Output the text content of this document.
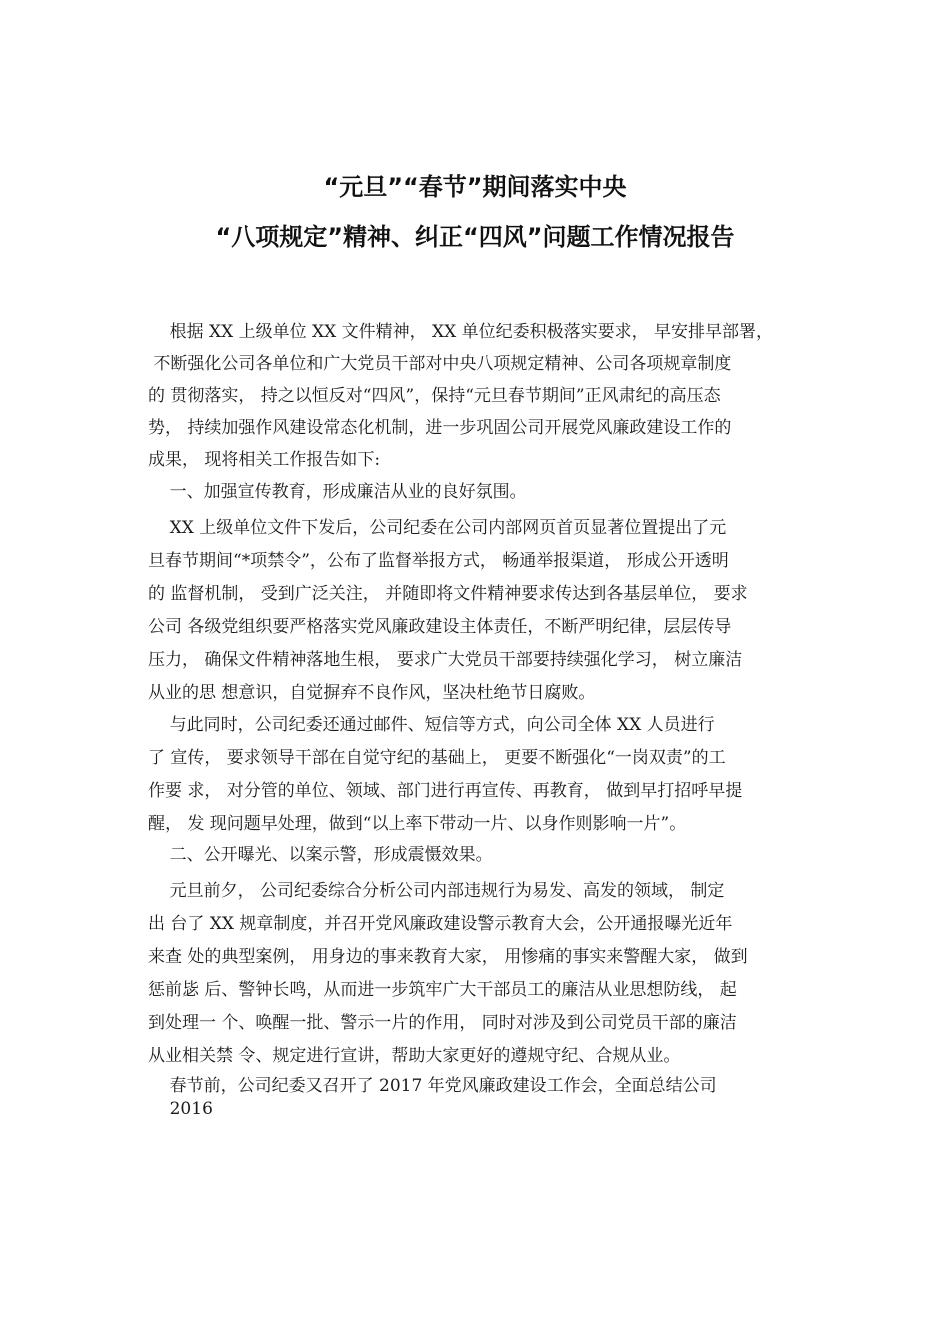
“元旦”“春节”期间落实中央
“八项规定”精神、纠正“四风”问题工作情况报告
根据 XX 上级单位 XX 文件精神， XX 单位纪委积极落实要求， 早安排早部署，
不断强化公司各单位和广大党员干部对中央八项规定精神、公司各项规章制度
的 贯彻落实， 持之以恒反对“四风”，保持“元旦春节期间”正风肃纪的高压态
势， 持续加强作风建设常态化机制，进一步巩固公司开展党风廉政建设工作的
成果， 现将相关工作报告如下:
一、加强宣传教育，形成廉洁从业的良好氛围。
XX 上级单位文件下发后，公司纪委在公司内部网页首页显著位置提出了元
旦春节期间“*项禁令”，公布了监督举报方式， 畅通举报渠道， 形成公开透明
的 监督机制， 受到广泛关注， 并随即将文件精神要求传达到各基层单位， 要求
公司 各级党组织要严格落实党风廉政建设主体责任，不断严明纪律，层层传导
压力， 确保文件精神落地生根， 要求广大党员干部要持续强化学习， 树立廉洁
从业的思 想意识，自觉摒弃不良作风，坚决杜绝节日腐败。
与此同时，公司纪委还通过邮件、短信等方式，向公司全体 XX 人员进行
了 宣传， 要求领导干部在自觉守纪的基础上， 更要不断强化“一岗双责”的工
作要 求， 对分管的单位、领域、部门进行再宣传、再教育， 做到早打招呼早提
醒， 发 现问题早处理，做到“以上率下带动一片、以身作则影响一片”。
二、公开曝光、以案示警，形成震慑效果。
元旦前夕， 公司纪委综合分析公司内部违规行为易发、高发的领域， 制定
出 台了 XX 规章制度，并召开党风廉政建设警示教育大会，公开通报曝光近年
来查 处的典型案例， 用身边的事来教育大家， 用惨痛的事实来警醒大家， 做到
惩前毖 后、警钟长鸣，从而进一步筑牢广大干部员工的廉洁从业思想防线， 起
到处理一 个、唤醒一批、警示一片的作用， 同时对涉及到公司党员干部的廉洁
从业相关禁 令、规定进行宣讲，帮助大家更好的遵规守纪、合规从业。
春节前，公司纪委又召开了 2017 年党风廉政建设工作会，全面总结公司
2016
